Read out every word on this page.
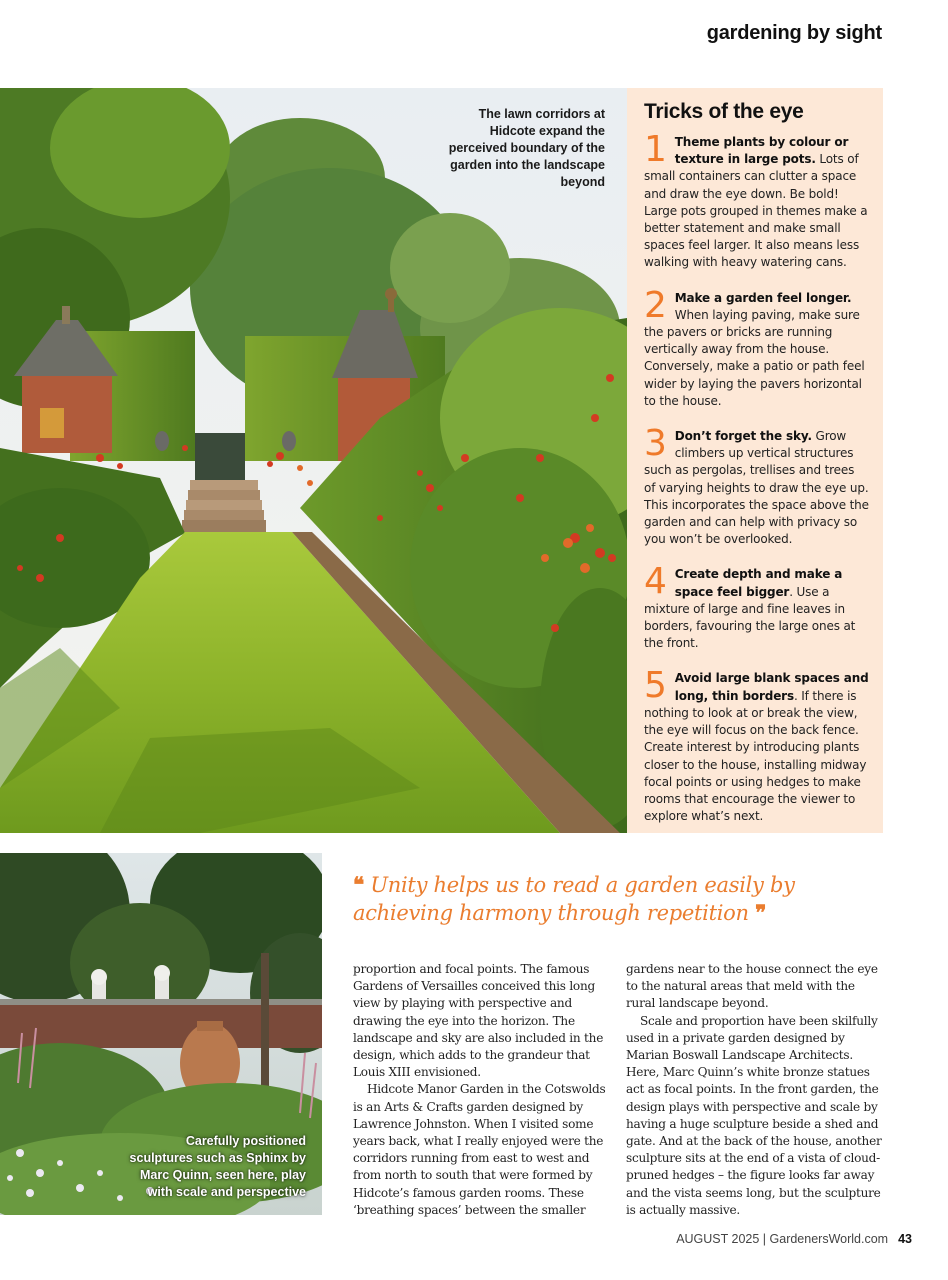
gardening by sight
The lawn corridors at Hidcote expand the perceived boundary of the garden into the landscape beyond
Tricks of the eye
1 Theme plants by colour or texture in large pots. Lots of small containers can clutter a space and draw the eye down. Be bold! Large pots grouped in themes make a better statement and make small spaces feel larger. It also means less walking with heavy watering cans.
2 Make a garden feel longer. When laying paving, make sure the pavers or bricks are running vertically away from the house. Conversely, make a patio or path feel wider by laying the pavers horizontal to the house.
3 Don’t forget the sky. Grow climbers up vertical structures such as pergolas, trellises and trees of varying heights to draw the eye up. This incorporates the space above the garden and can help with privacy so you won’t be overlooked.
4 Create depth and make a space feel bigger. Use a mixture of large and fine leaves in borders, favouring the large ones at the front.
5 Avoid large blank spaces and long, thin borders. If there is nothing to look at or break the view, the eye will focus on the back fence. Create interest by introducing plants closer to the house, installing midway focal points or using hedges to make rooms that encourage the viewer to explore what’s next.
Carefully positioned sculptures such as Sphinx by Marc Quinn, seen here, play with scale and perspective
❝ Unity helps us to read a garden easily by achieving harmony through repetition ❞

proportion and focal points. The famous Gardens of Versailles conceived this long view by playing with perspective and drawing the eye into the horizon. The landscape and sky are also included in the design, which adds to the grandeur that Louis XIII envisioned.

Hidcote Manor Garden in the Cotswolds is an Arts & Crafts garden designed by Lawrence Johnston. When I visited some years back, what I really enjoyed were the corridors running from east to west and from north to south that were formed by Hidcote’s famous garden rooms. These ‘breathing spaces’ between the smaller

gardens near to the house connect the eye to the natural areas that meld with the rural landscape beyond.

Scale and proportion have been skilfully used in a private garden designed by Marian Boswall Landscape Architects. Here, Marc Quinn’s white bronze statues act as focal points. In the front garden, the design plays with perspective and scale by having a huge sculpture beside a shed and gate. And at the back of the house, another sculpture sits at the end of a vista of cloud-pruned hedges – the figure looks far away and the vista seems long, but the sculpture is actually massive.

AUGUST 2025 | GardenersWorld.com 43
